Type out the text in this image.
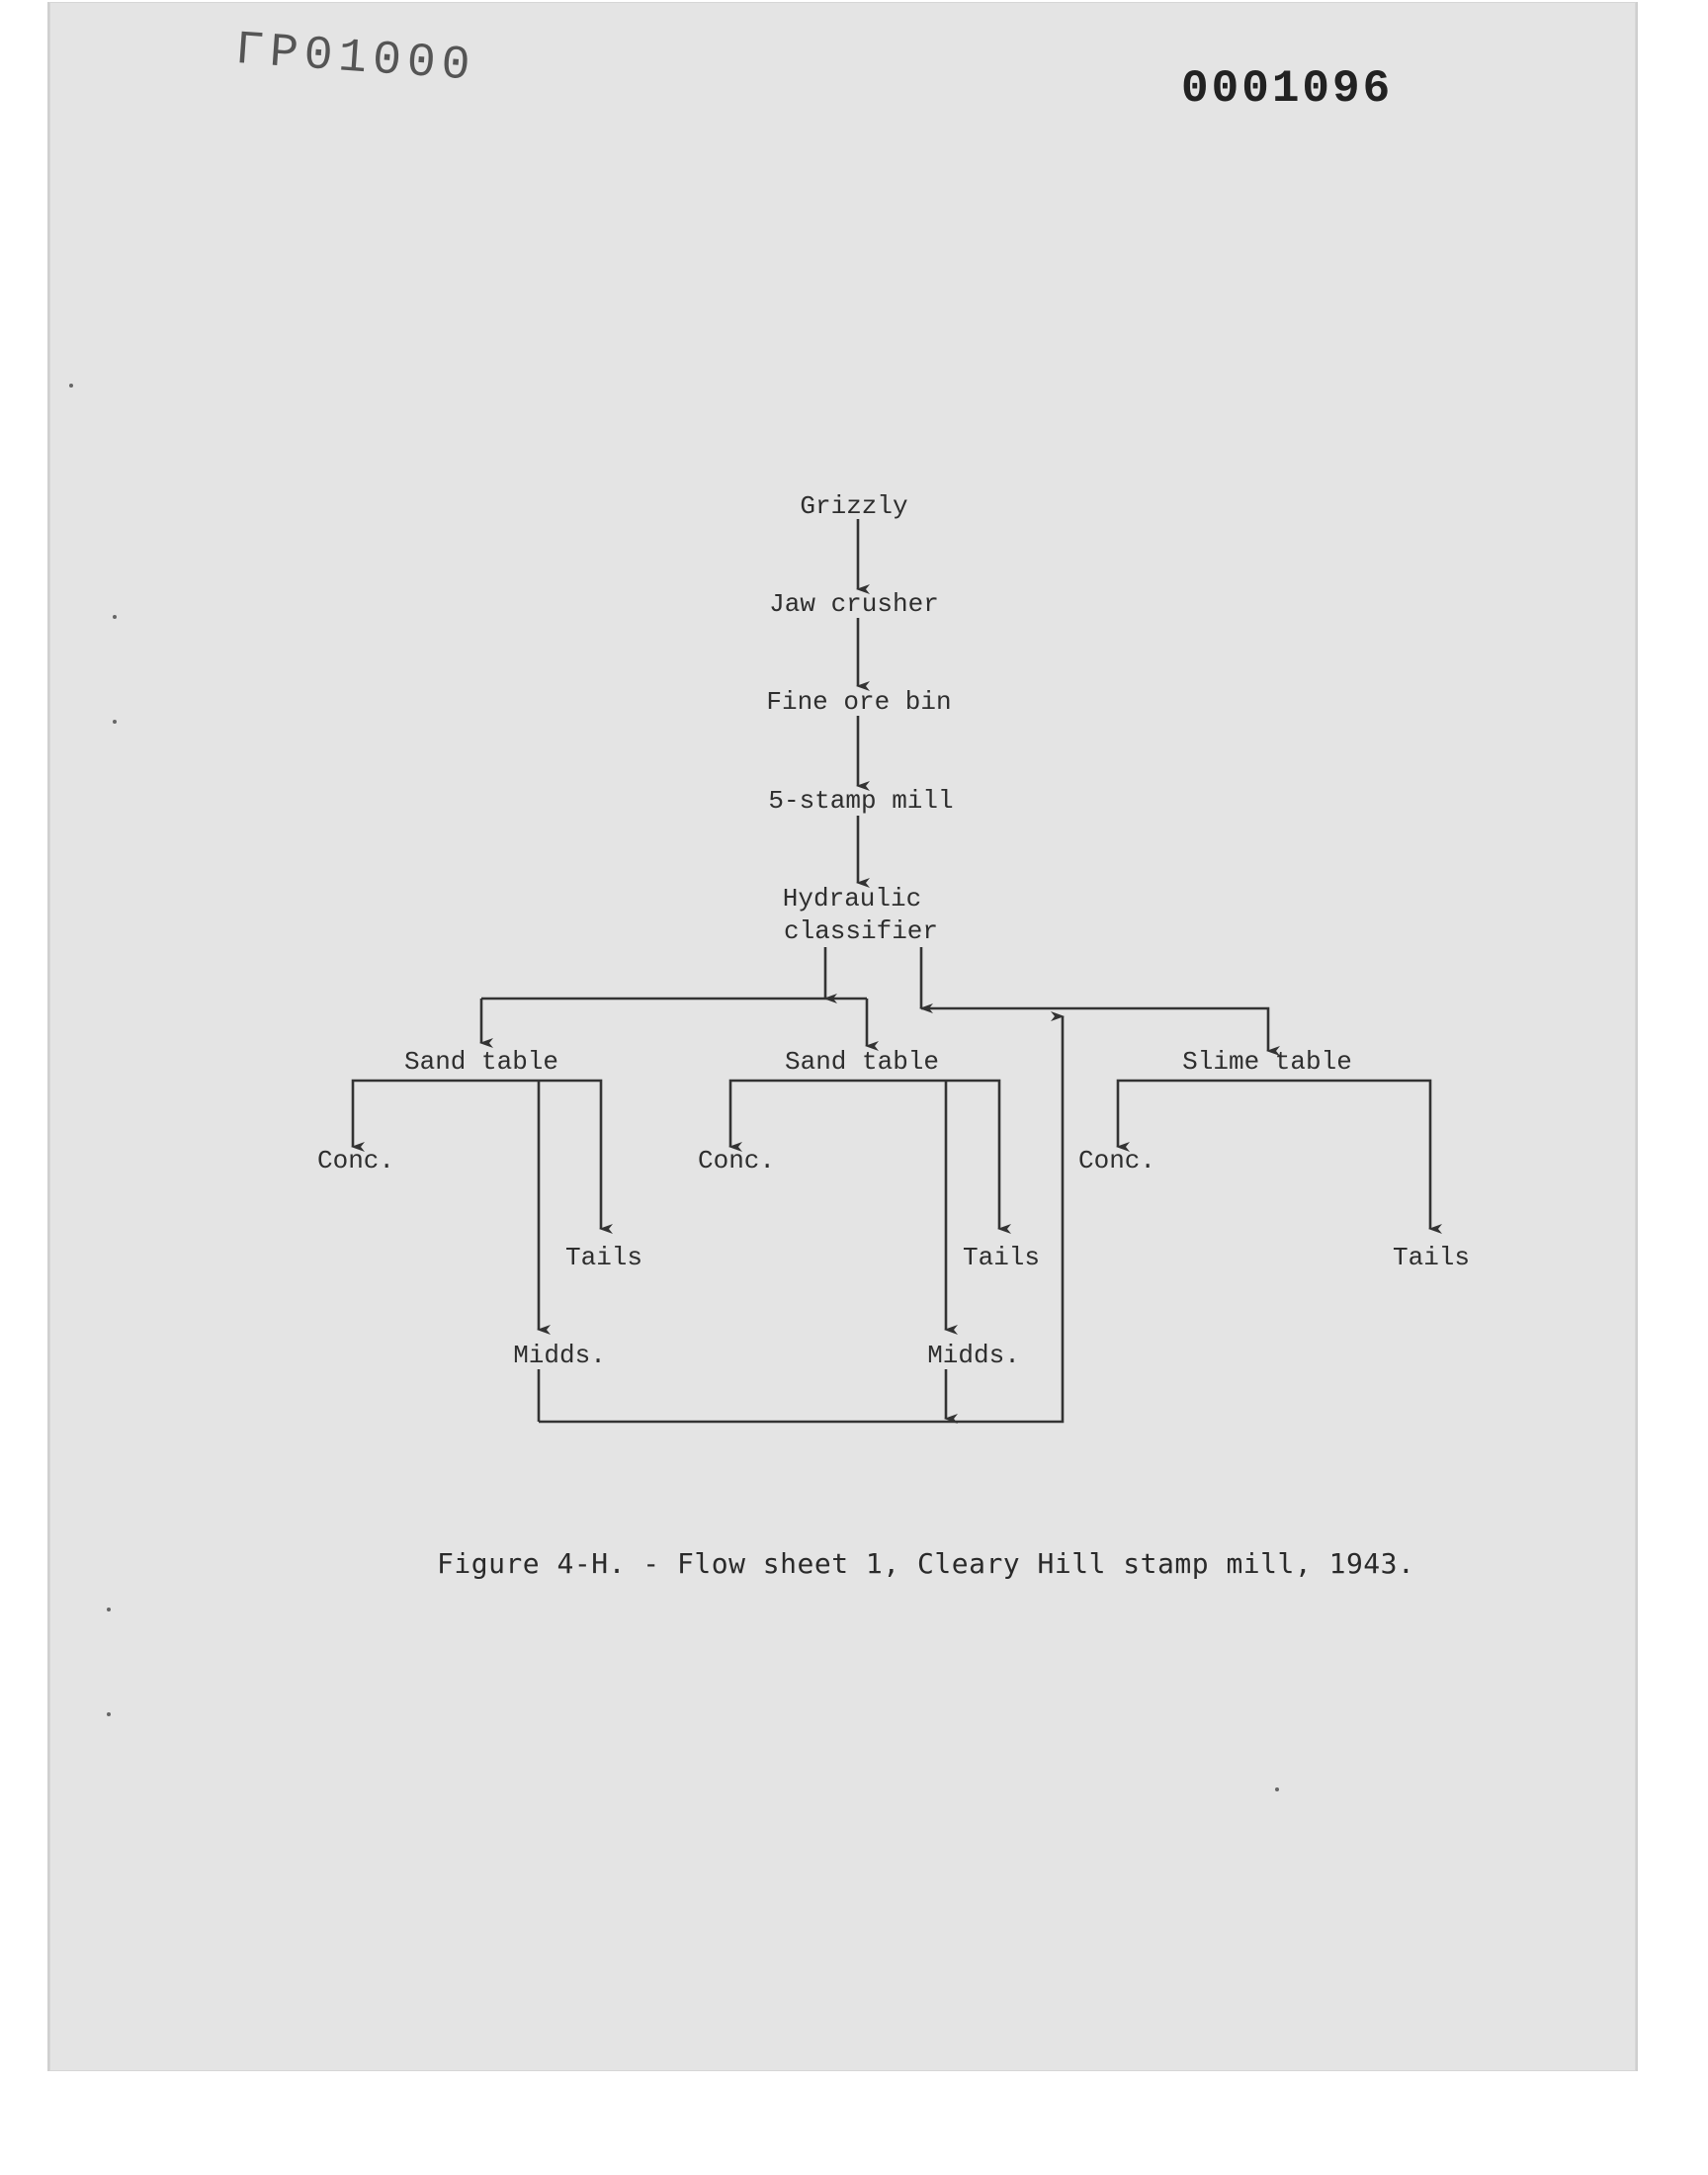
ГР01000	0001096
Grizzly
Jaw crusher
Fine ore bin
5-stamp mill
Hydraulic
classifier
Sand table	Sand table	Slime table
Conc.	Conc.	Conc.
Tails	Tails	Tails
Midds.	Midds.
Figure 4-H. - Flow sheet 1, Cleary Hill stamp mill, 1943.
